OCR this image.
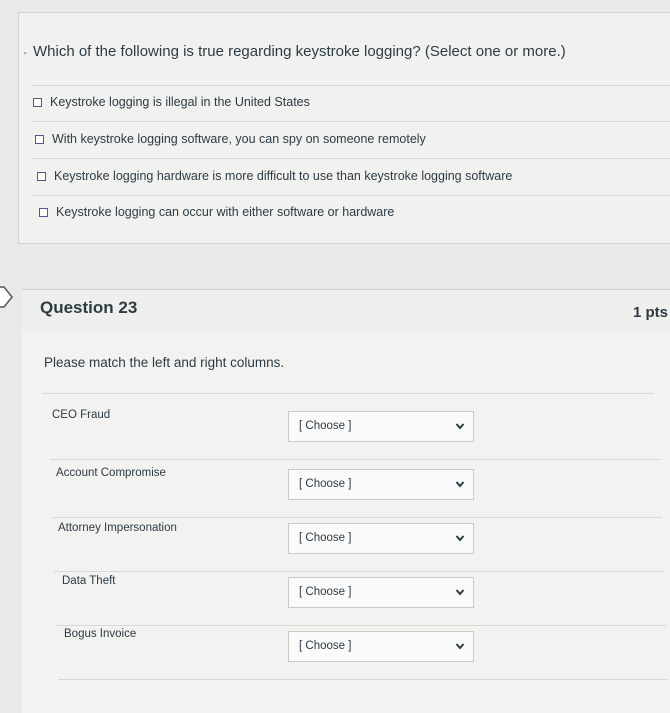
. Which of the following is true regarding keystroke logging? (Select one or more.)
Keystroke logging is illegal in the United States
With keystroke logging software, you can spy on someone remotely
Keystroke logging hardware is more difficult to use than keystroke logging software
Keystroke logging can occur with either software or hardware
Question 23	1 pts
Please match the left and right columns.
CEO Fraud
[ Choose ]
Account Compromise
[ Choose ]
Attorney Impersonation
[ Choose ]
Data Theft
[ Choose ]
Bogus Invoice
[ Choose ]
